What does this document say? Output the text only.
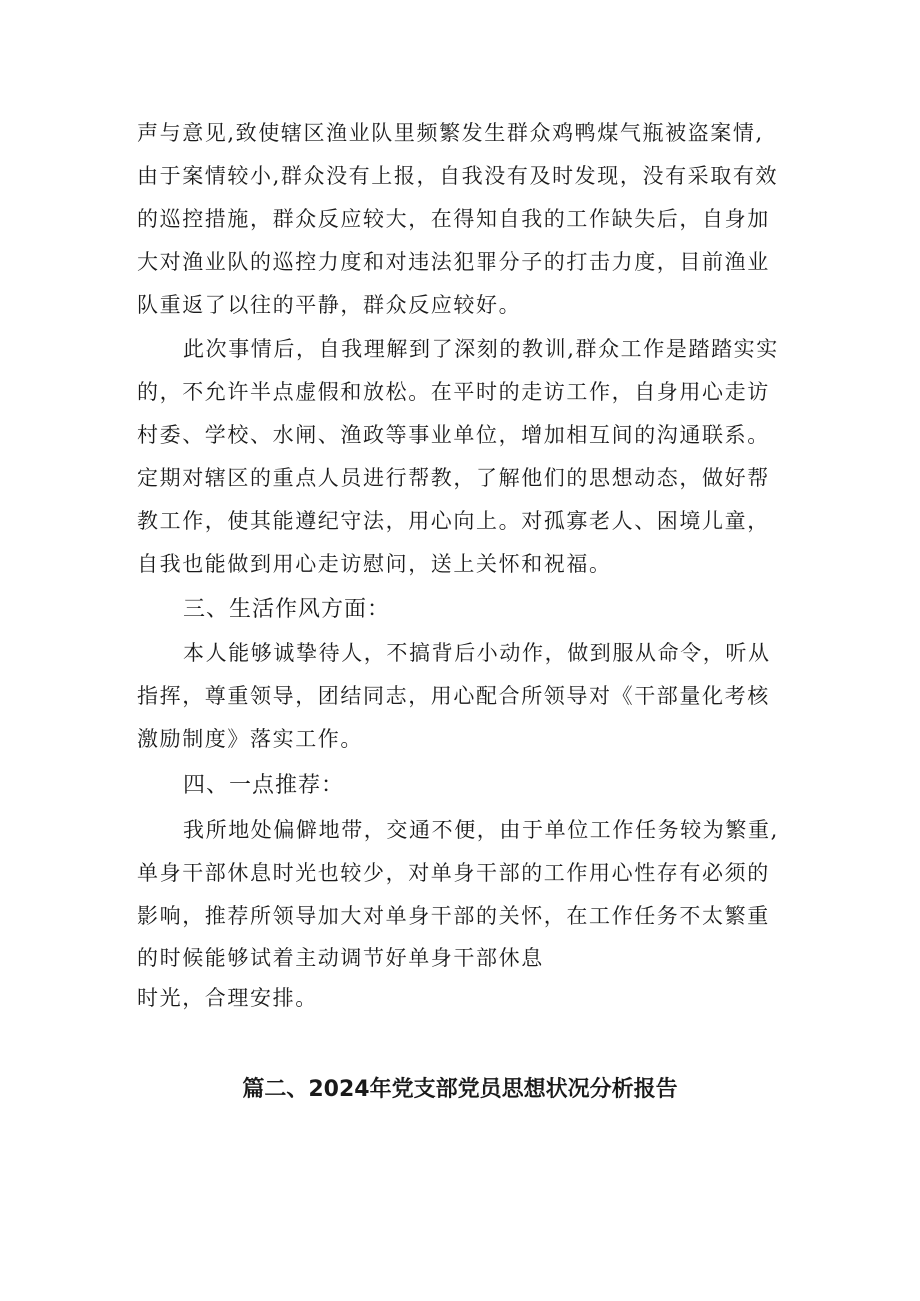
声与意见,致使辖区渔业队里频繁发生群众鸡鸭煤气瓶被盗案情,
由于案情较小,群众没有上报，自我没有及时发现，没有采取有效
的巡控措施，群众反应较大，在得知自我的工作缺失后，自身加
大对渔业队的巡控力度和对违法犯罪分子的打击力度，目前渔业
队重返了以往的平静，群众反应较好。
此次事情后，自我理解到了深刻的教训,群众工作是踏踏实实
的，不允许半点虚假和放松。在平时的走访工作，自身用心走访
村委、学校、水闸、渔政等事业单位，增加相互间的沟通联系。
定期对辖区的重点人员进行帮教，了解他们的思想动态，做好帮
教工作，使其能遵纪守法，用心向上。对孤寡老人、困境儿童，
自我也能做到用心走访慰问，送上关怀和祝福。
三、生活作风方面：
本人能够诚挚待人，不搞背后小动作，做到服从命令，听从
指挥，尊重领导，团结同志，用心配合所领导对《干部量化考核
激励制度》落实工作。
四、一点推荐：
我所地处偏僻地带，交通不便，由于单位工作任务较为繁重,
单身干部休息时光也较少，对单身干部的工作用心性存有必须的
影响，推荐所领导加大对单身干部的关怀，在工作任务不太繁重
的时候能够试着主动调节好单身干部休息
时光，合理安排。
篇二、2024年党支部党员思想状况分析报告
